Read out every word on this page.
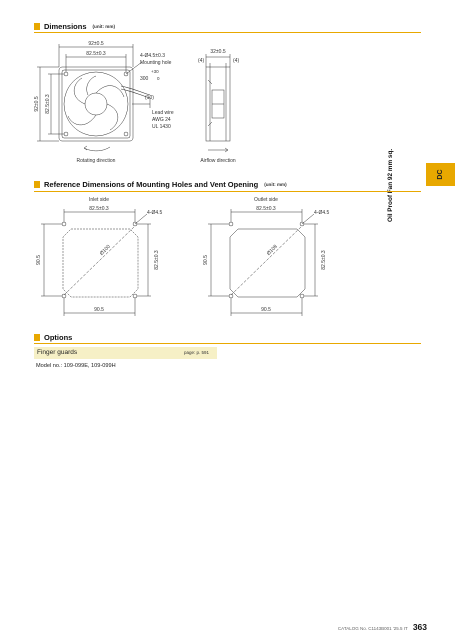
Dimensions (unit: mm)
92±0.5
82.5±0.3	4-Ø4.5±0.3
Mounting hole
+30
300 0
32±0.5
(4)	(4)
(10)
Lead wire
AWG 24
UL 1430
92±0.5 82.5±0.3
Rotating direction	Airflow direction
DC
Oil Proof Fan 92 mm sq.
Reference Dimensions of Mounting Holes and Vent Opening (unit: mm)
Inlet side
82.5±0.3
4-Ø4.5
Ø100
90.5	82.5±0.3
90.5
Outlet side
82.5±0.3
4-Ø4.5
Ø108
90.5	82.5±0.3
90.5
Options
Finger guards	page: p. 591
Model no.: 109-099E, 109-099H
CATALOG No. C1143B001 '25.5 IT 363
